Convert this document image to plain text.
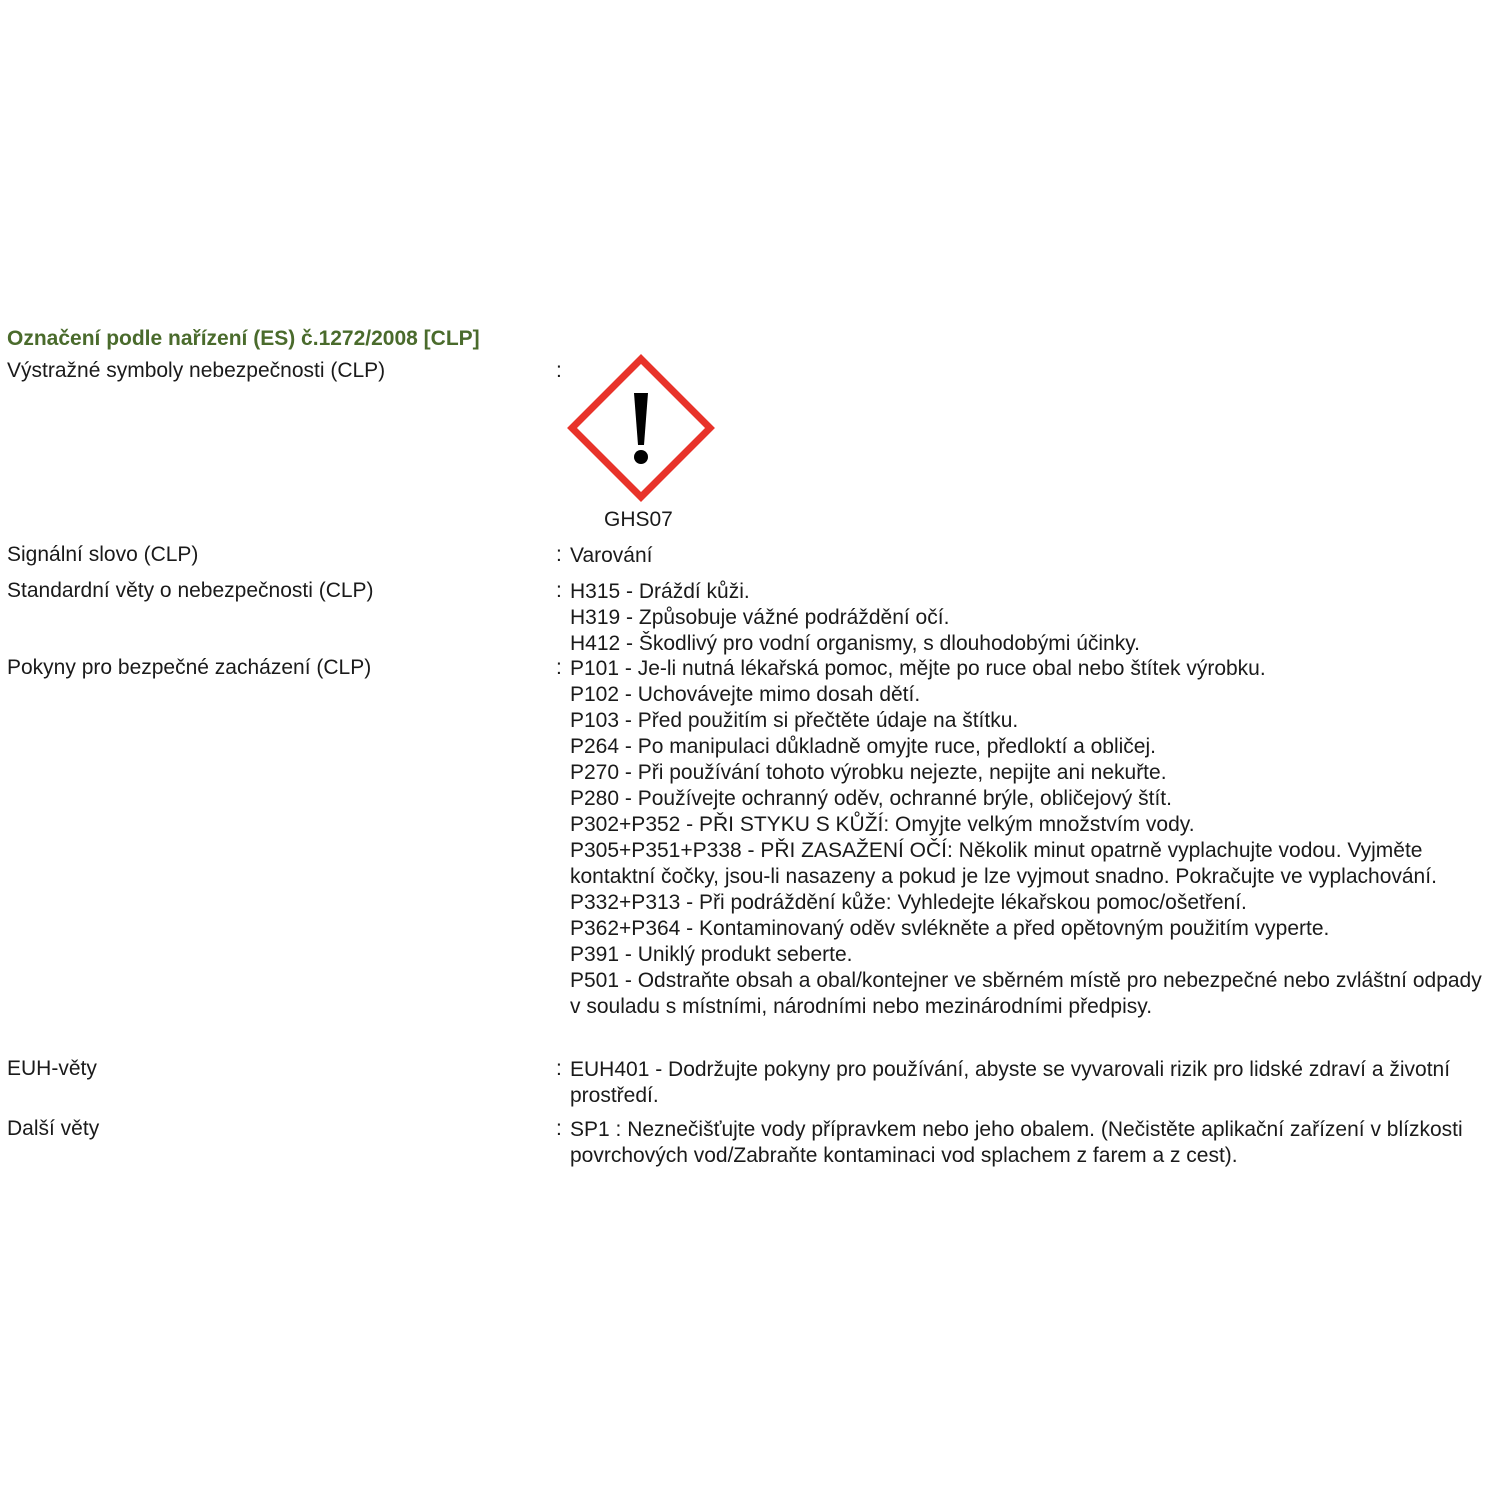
Označení podle nařízení (ES) č.1272/2008 [CLP]
Výstražné symboly nebezpečnosti (CLP)	:
GHS07
Signální slovo (CLP)	: Varování
Standardní věty o nebezpečnosti (CLP)	: H315 - Dráždí kůži.
H319 - Způsobuje vážné podráždění očí.
H412 - Škodlivý pro vodní organismy, s dlouhodobými účinky.
Pokyny pro bezpečné zacházení (CLP)	: P101 - Je-li nutná lékařská pomoc, mějte po ruce obal nebo štítek výrobku.
P102 - Uchovávejte mimo dosah dětí.
P103 - Před použitím si přečtěte údaje na štítku.
P264 - Po manipulaci důkladně omyjte ruce, předloktí a obličej.
P270 - Při používání tohoto výrobku nejezte, nepijte ani nekuřte.
P280 - Používejte ochranný oděv, ochranné brýle, obličejový štít.
P302+P352 - PŘI STYKU S KŮŽÍ: Omyjte velkým množstvím vody.
P305+P351+P338 - PŘI ZASAŽENÍ OČÍ: Několik minut opatrně vyplachujte vodou. Vyjměte kontaktní čočky, jsou-li nasazeny a pokud je lze vyjmout snadno. Pokračujte ve vyplachování.
P332+P313 - Při podráždění kůže: Vyhledejte lékařskou pomoc/ošetření.
P362+P364 - Kontaminovaný oděv svlékněte a před opětovným použitím vyperte.
P391 - Uniklý produkt seberte.
P501 - Odstraňte obsah a obal/kontejner ve sběrném místě pro nebezpečné nebo zvláštní odpady v souladu s místními, národními nebo mezinárodními předpisy.
EUH-věty	: EUH401 - Dodržujte pokyny pro používání, abyste se vyvarovali rizik pro lidské zdraví a životní prostředí.
Další věty	: SP1 : Neznečišťujte vody přípravkem nebo jeho obalem. (Nečistěte aplikační zařízení v blízkosti povrchových vod/Zabraňte kontaminaci vod splachem z farem a z cest).
